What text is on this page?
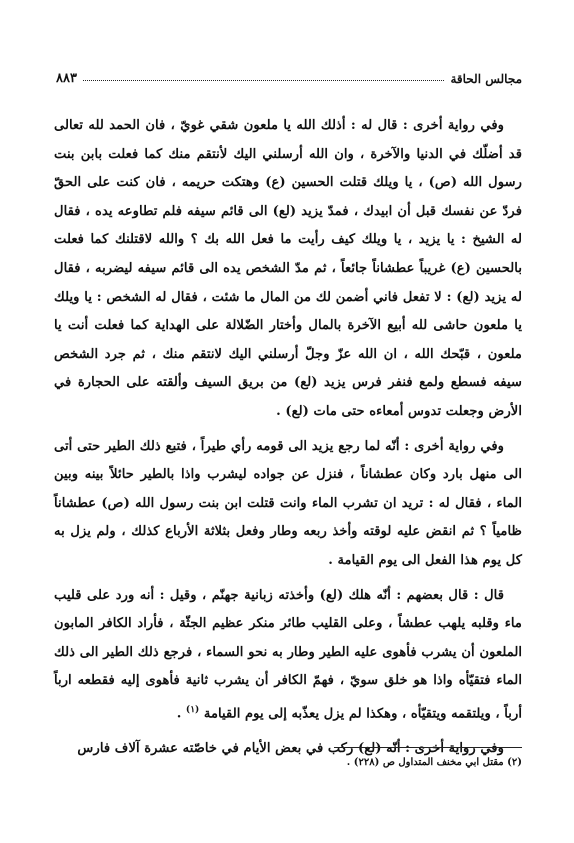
مجالس الحاقة
٨٨٣

وفي رواية أخرى : قال له : أذلك الله يا ملعون شقي غويّ ، فان الحمد لله تعالى قد أضلّك في الدنيا والآخرة ، وان الله أرسلني اليك لأنتقم منك كما فعلت بابن بنت رسول الله (ص) ، يا ويلك قتلت الحسين (ع) وهتكت حريمه ، فان كنت على الحقّ فردّ عن نفسك قبل أن ابيدك ، فمدّ يزيد (لع) الى قائم سيفه فلم تطاوعه يده ، فقال له الشيخ : يا يزيد ، يا ويلك كيف رأيت ما فعل الله بك ؟ والله لاقتلنك كما فعلت بالحسين (ع) غريباً عطشاناً جائعاً ، ثم مدّ الشخص يده الى قائم سيفه ليضربه ، فقال له يزيد (لع) : لا تفعل فاني أضمن لك من المال ما شئت ، فقال له الشخص : يا ويلك يا ملعون حاشى لله أبيع الآخرة بالمال وأختار الضّلالة على الهداية كما فعلت أنت يا ملعون ، قبّحك الله ، ان الله عزّ وجلّ أرسلني اليك لانتقم منك ، ثم جرد الشخص سيفه فسطع ولمع فنفر فرس يزيد (لع) من بريق السيف وألقته على الحجارة في الأرض وجعلت تدوس أمعاءه حتى مات (لع) .

وفي رواية أخرى : أنّه لما رجع يزيد الى قومه رأي طيراً ، فتبع ذلك الطير حتى أتى الى منهل بارد وكان عطشاناً ، فنزل عن جواده ليشرب واذا بالطير حائلاً بينه وبين الماء ، فقال له : تريد ان تشرب الماء وانت قتلت ابن بنت رسول الله (ص) عطشاناً ظامياً ؟ ثم انقض عليه لوقته وأخذ ربعه وطار وفعل بثلاثة الأرباع كذلك ، ولم يزل به كل يوم هذا الفعل الى يوم القيامة .

قال : قال بعضهم : أنّه هلك (لع) وأخذته زبانية جهنّم ، وقيل : أنه ورد على قليب ماء وقلبه يلهب عطشاً ، وعلى القليب طائر منكر عظيم الجثّة ، فأراد الكافر المابون الملعون أن يشرب فأهوى عليه الطير وطار به نحو السماء ، فرجع ذلك الطير الى ذلك الماء فتقيّأه واذا هو خلق سويّ ، فهمّ الكافر أن يشرب ثانية فأهوى إليه فقطعه ارباً أرباً ، ويلتقمه ويتقيّأه ، وهكذا لم يزل يعذّبه إلى يوم القيامة $^{(١)}$ .

وفي رواية أخرى : أنّه (لع) ركب في بعض الأيام في خاصّته عشرة آلاف فارس

(٢) مقتل ابي مخنف المتداول ص (٢٢٨) .
